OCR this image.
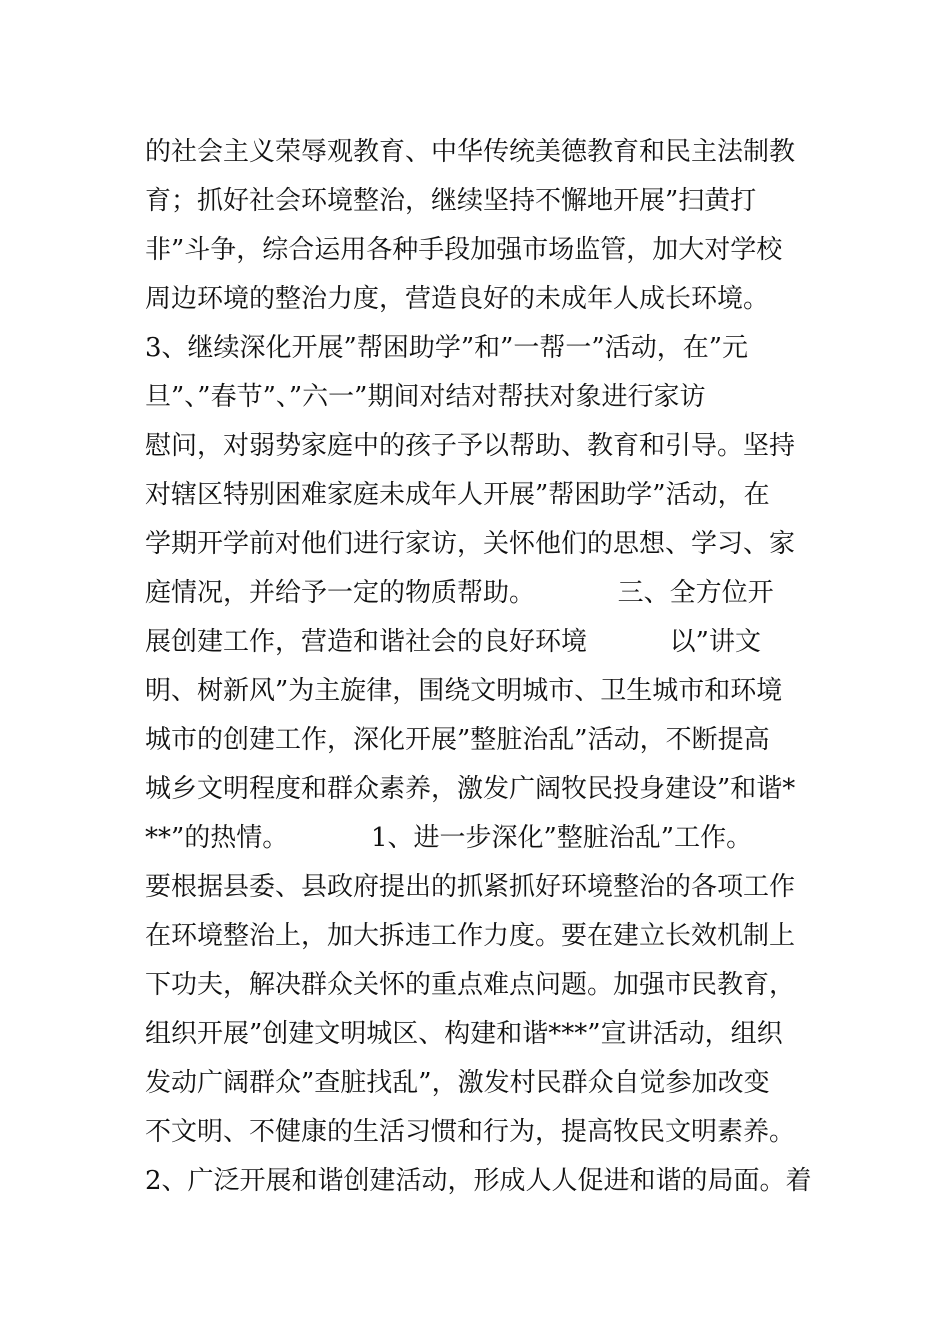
的社会主义荣辱观教育、中华传统美德教育和民主法制教
育；抓好社会环境整治，继续坚持不懈地开展”扫黄打
非”斗争，综合运用各种手段加强市场监管，加大对学校
周边环境的整治力度，营造良好的未成年人成长环境。
3、继续深化开展”帮困助学”和”一帮一”活动，在”元
旦”、”春节”、”六一”期间对结对帮扶对象进行家访
慰问，对弱势家庭中的孩子予以帮助、教育和引导。坚持
对辖区特别困难家庭未成年人开展”帮困助学”活动，在
学期开学前对他们进行家访，关怀他们的思想、学习、家
庭情况，并给予一定的物质帮助。          三、全方位开
展创建工作，营造和谐社会的良好环境          以”讲文
明、树新风”为主旋律，围绕文明城市、卫生城市和环境
城市的创建工作，深化开展”整脏治乱”活动，不断提高
城乡文明程度和群众素养，激发广阔牧民投身建设”和谐*
**”的热情。          1、进一步深化”整脏治乱”工作。
要根据县委、县政府提出的抓紧抓好环境整治的各项工作
在环境整治上，加大拆违工作力度。要在建立长效机制上
下功夫，解决群众关怀的重点难点问题。加强市民教育，
组织开展”创建文明城区、构建和谐***”宣讲活动，组织
发动广阔群众”查脏找乱”，激发村民群众自觉参加改变
不文明、不健康的生活习惯和行为，提高牧民文明素养。
2、广泛开展和谐创建活动，形成人人促进和谐的局面。着
